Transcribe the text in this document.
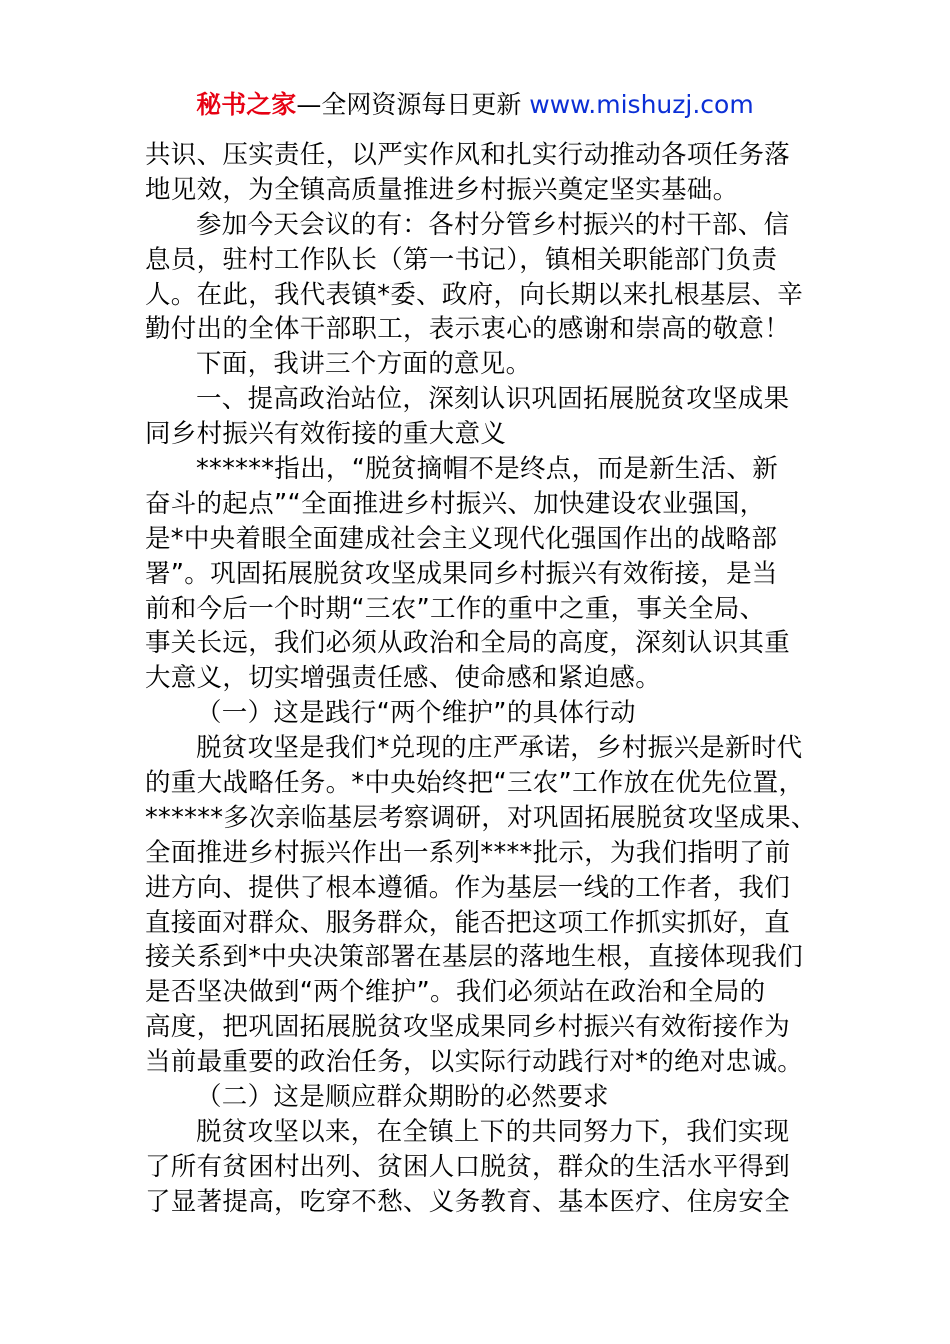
秘书之家—全网资源每日更新 www.mishuzj.com
共识、压实责任，以严实作风和扎实行动推动各项任务落
地见效，为全镇高质量推进乡村振兴奠定坚实基础。
参加今天会议的有：各村分管乡村振兴的村干部、信
息员，驻村工作队长（第一书记），镇相关职能部门负责
人。在此，我代表镇*委、政府，向长期以来扎根基层、辛
勤付出的全体干部职工，表示衷心的感谢和崇高的敬意！
下面，我讲三个方面的意见。
一、提高政治站位，深刻认识巩固拓展脱贫攻坚成果
同乡村振兴有效衔接的重大意义
******指出，“脱贫摘帽不是终点，而是新生活、新
奋斗的起点”“全面推进乡村振兴、加快建设农业强国，
是*中央着眼全面建成社会主义现代化强国作出的战略部
署”。巩固拓展脱贫攻坚成果同乡村振兴有效衔接，是当
前和今后一个时期“三农”工作的重中之重，事关全局、
事关长远，我们必须从政治和全局的高度，深刻认识其重
大意义，切实增强责任感、使命感和紧迫感。
（一）这是践行“两个维护”的具体行动
脱贫攻坚是我们*兑现的庄严承诺，乡村振兴是新时代
的重大战略任务。*中央始终把“三农”工作放在优先位置，
******多次亲临基层考察调研，对巩固拓展脱贫攻坚成果、
全面推进乡村振兴作出一系列****批示，为我们指明了前
进方向、提供了根本遵循。作为基层一线的工作者，我们
直接面对群众、服务群众，能否把这项工作抓实抓好，直
接关系到*中央决策部署在基层的落地生根，直接体现我们
是否坚决做到“两个维护”。我们必须站在政治和全局的
高度，把巩固拓展脱贫攻坚成果同乡村振兴有效衔接作为
当前最重要的政治任务，以实际行动践行对*的绝对忠诚。
（二）这是顺应群众期盼的必然要求
脱贫攻坚以来，在全镇上下的共同努力下，我们实现
了所有贫困村出列、贫困人口脱贫，群众的生活水平得到
了显著提高，吃穿不愁、义务教育、基本医疗、住房安全
